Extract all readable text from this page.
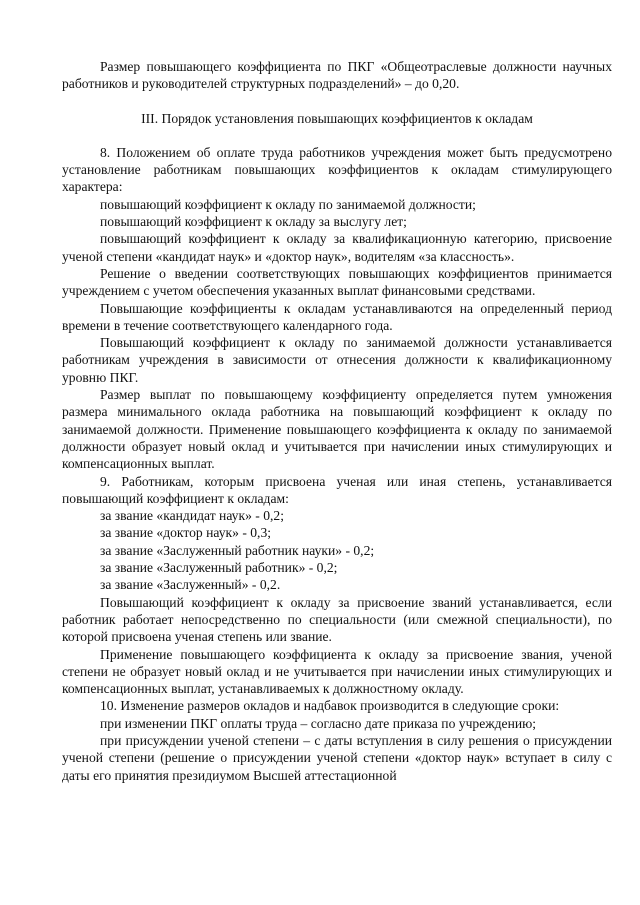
Размер повышающего коэффициента по ПКГ «Общеотраслевые должности научных работников и руководителей структурных подразделений» – до 0,20.

III. Порядок установления повышающих коэффициентов к окладам

8. Положением об оплате труда работников учреждения может быть предусмотрено установление работникам повышающих коэффициентов к окладам стимулирующего характера:

повышающий коэффициент к окладу по занимаемой должности;

повышающий коэффициент к окладу за выслугу лет;

повышающий коэффициент к окладу за квалификационную категорию, присвоение ученой степени «кандидат наук» и «доктор наук», водителям «за классность».

Решение о введении соответствующих повышающих коэффициентов принимается учреждением с учетом обеспечения указанных выплат финансовыми средствами.

Повышающие коэффициенты к окладам устанавливаются на определенный период времени в течение соответствующего календарного года.

Повышающий коэффициент к окладу по занимаемой должности устанавливается работникам учреждения в зависимости от отнесения должности к квалификационному уровню ПКГ.

Размер выплат по повышающему коэффициенту определяется путем умножения размера минимального оклада работника на повышающий коэффициент к окладу по занимаемой должности. Применение повышающего коэффициента к окладу по занимаемой должности образует новый оклад и учитывается при начислении иных стимулирующих и компенсационных выплат.

9. Работникам, которым присвоена ученая или иная степень, устанавливается повышающий коэффициент к окладам:

за звание «кандидат наук» - 0,2;

за звание «доктор наук» - 0,3;

за звание «Заслуженный работник науки» - 0,2;

за звание «Заслуженный работник» - 0,2;

за звание «Заслуженный» - 0,2.

Повышающий коэффициент к окладу за присвоение званий устанавливается, если работник работает непосредственно по специальности (или смежной специальности), по которой присвоена ученая степень или звание.

Применение повышающего коэффициента к окладу за присвоение звания, ученой степени не образует новый оклад и не учитывается при начислении иных стимулирующих и компенсационных выплат, устанавливаемых к должностному окладу.

10. Изменение размеров окладов и надбавок производится в следующие сроки:

при изменении ПКГ оплаты труда – согласно дате приказа по учреждению;

при присуждении ученой степени – с даты вступления в силу решения о присуждении ученой степени (решение о присуждении ученой степени «доктор наук» вступает в силу с даты его принятия президиумом Высшей аттестационной
